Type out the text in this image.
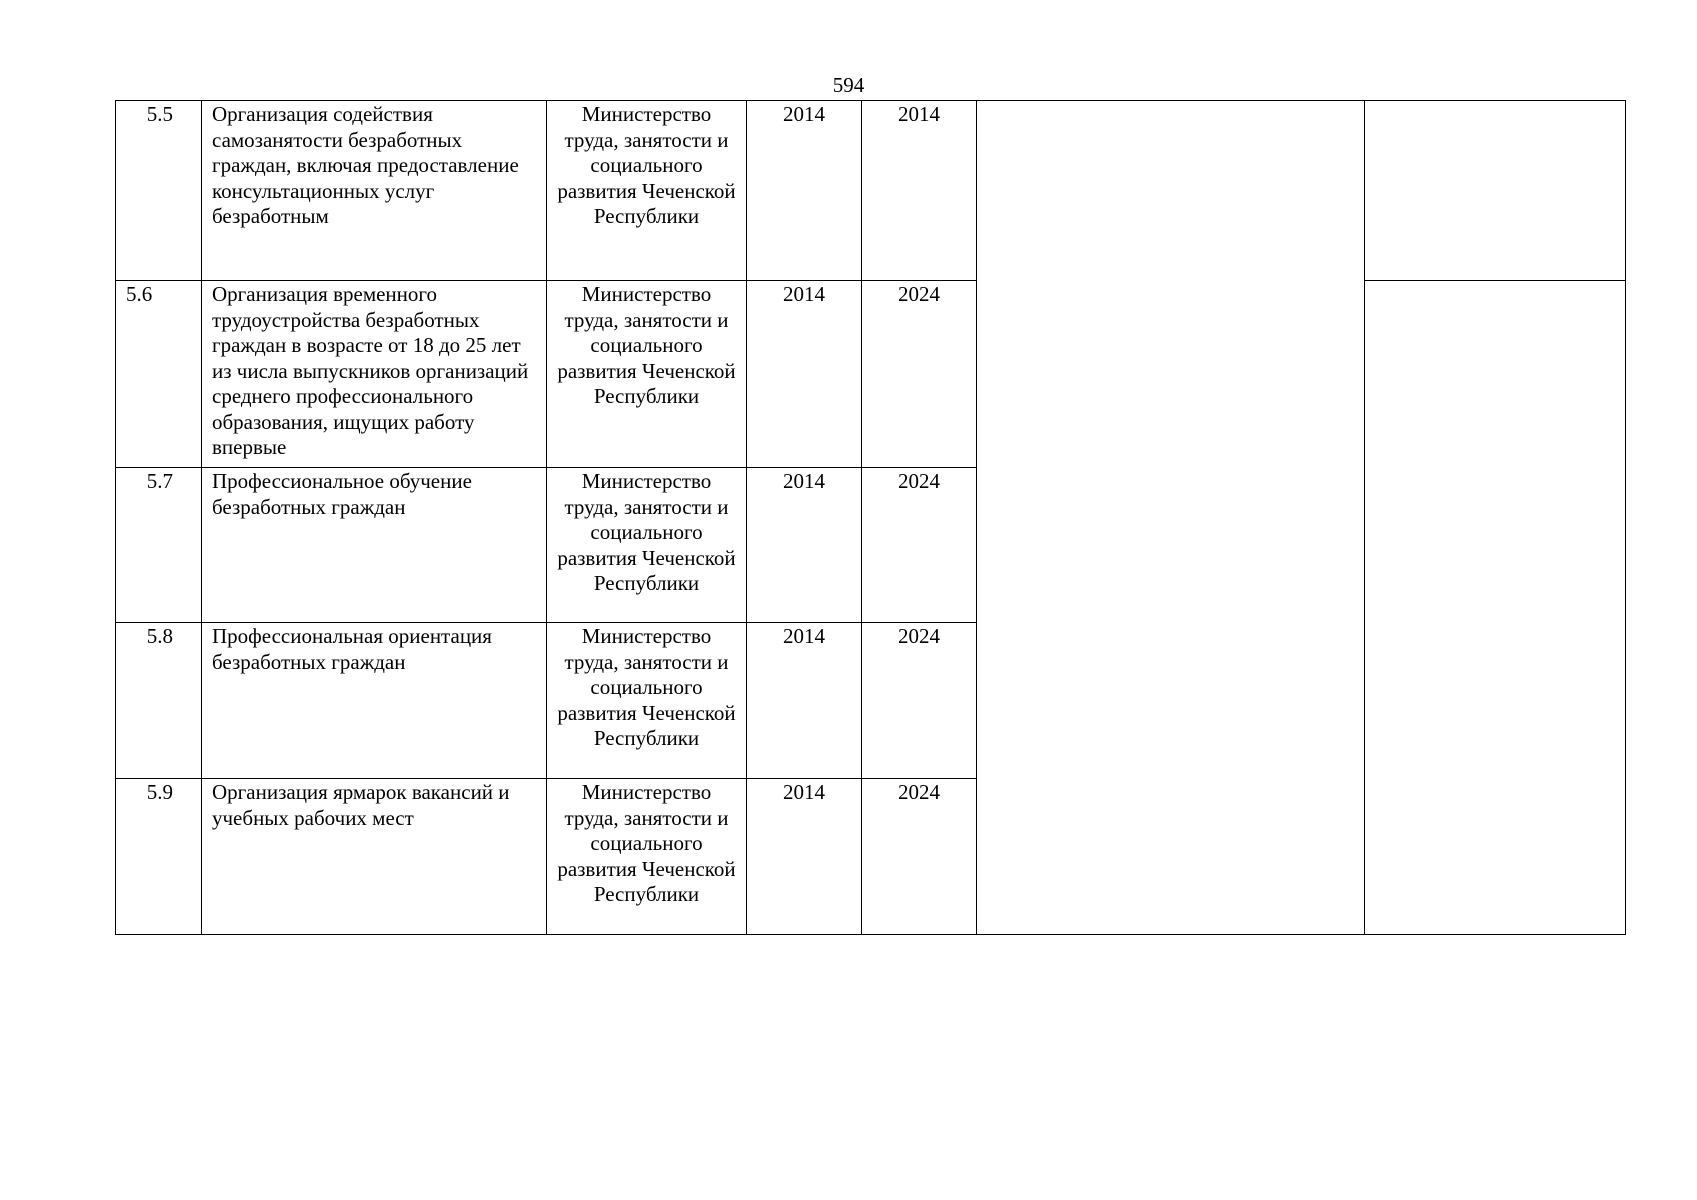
594
5.5	Организация содействия самозанятости безработных граждан, включая предоставление консультационных услуг безработным	Министерство труда, занятости и социального развития Чеченской Республики	2014	2014		
5.6	Организация временного трудоустройства безработных граждан в возрасте от 18 до 25 лет из числа выпускников организаций среднего профессионального образования, ищущих работу впервые	Министерство труда, занятости и социального развития Чеченской Республики	2014	2024		
5.7	Профессиональное обучение безработных граждан	Министерство труда, занятости и социального развития Чеченской Республики	2014	2024		
5.8	Профессиональная ориентация безработных граждан	Министерство труда, занятости и социального развития Чеченской Республики	2014	2024		
5.9	Организация ярмарок вакансий и учебных рабочих мест	Министерство труда, занятости и социального развития Чеченской Республики	2014	2024		
